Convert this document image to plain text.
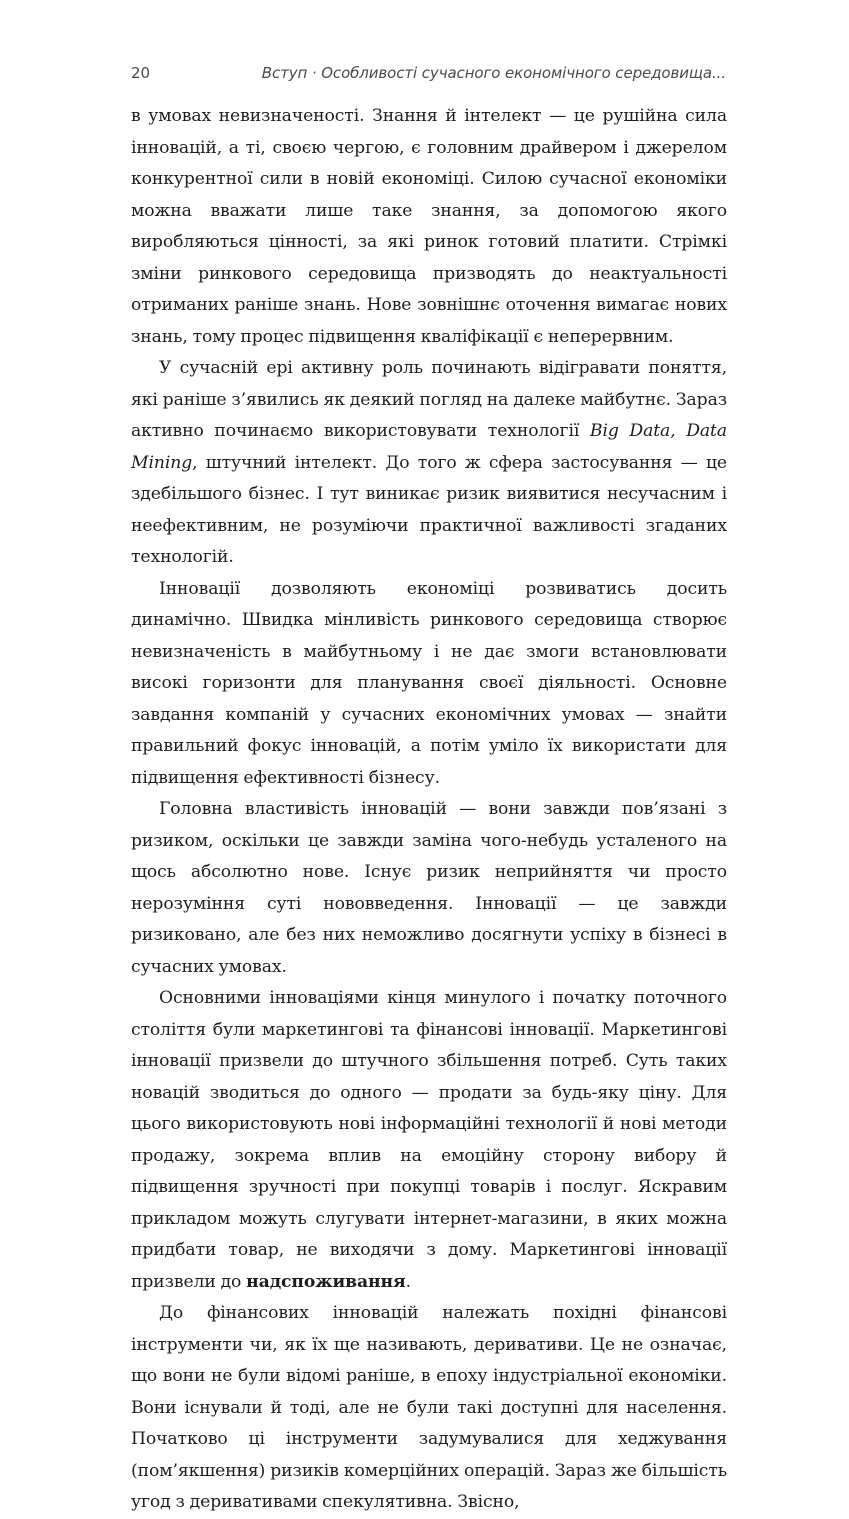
20	Вступ · Особливості сучасного економічного середовища...

в умовах невизначеності. Знання й інтелект — це рушійна сила інновацій, а ті, своєю чергою, є головним драйвером і джерелом конкурентної сили в новій економіці. Силою сучасної економіки можна вважати лише таке знання, за допомогою якого виробляються цінності, за які ринок готовий платити. Стрімкі зміни ринкового середовища призводять до неактуальності отриманих раніше знань. Нове зовнішнє оточення вимагає нових знань, тому процес підвищення кваліфікації є неперервним.

У сучасній ері активну роль починають відігравати поняття, які раніше з’явились як деякий погляд на далеке майбутнє. Зараз активно починаємо використовувати технології Big Data, Data Mining, штучний інтелект. До того ж сфера застосування — це здебільшого бізнес. І тут виникає ризик виявитися несучасним і неефективним, не розуміючи практичної важливості згаданих технологій.

Інновації дозволяють економіці розвиватись досить динамічно. Швидка мінливість ринкового середовища створює невизначеність в майбутньому і не дає змоги встановлювати високі горизонти для планування своєї діяльності. Основне завдання компаній у сучасних економічних умовах — знайти правильний фокус інновацій, а потім уміло їх використати для підвищення ефективності бізнесу.

Головна властивість інновацій — вони завжди пов’язані з ризиком, оскільки це завжди заміна чого-небудь усталеного на щось абсолютно нове. Існує ризик неприйняття чи просто нерозуміння суті нововведення. Інновації — це завжди ризиковано, але без них неможливо досягнути успіху в бізнесі в сучасних умовах.

Основними інноваціями кінця минулого і початку поточного століття були маркетингові та фінансові інновації. Маркетингові інновації призвели до штучного збільшення потреб. Суть таких новацій зводиться до одного — продати за будь-яку ціну. Для цього використовують нові інформаційні технології й нові методи продажу, зокрема вплив на емоційну сторону вибору й підвищення зручності при покупці товарів і послуг. Яскравим прикладом можуть слугувати інтернет-магазини, в яких можна придбати товар, не виходячи з дому. Маркетингові інновації призвели до надспоживання.

До фінансових інновацій належать похідні фінансові інструменти чи, як їх ще називають, деривативи. Це не означає, що вони не були відомі раніше, в епоху індустріальної економіки. Вони існували й тоді, але не були такі доступні для населення. Початково ці інструменти задумувалися для хеджування (пом’якшення) ризиків комерційних операцій. Зараз же більшість угод з деривативами спекулятивна. Звісно,
